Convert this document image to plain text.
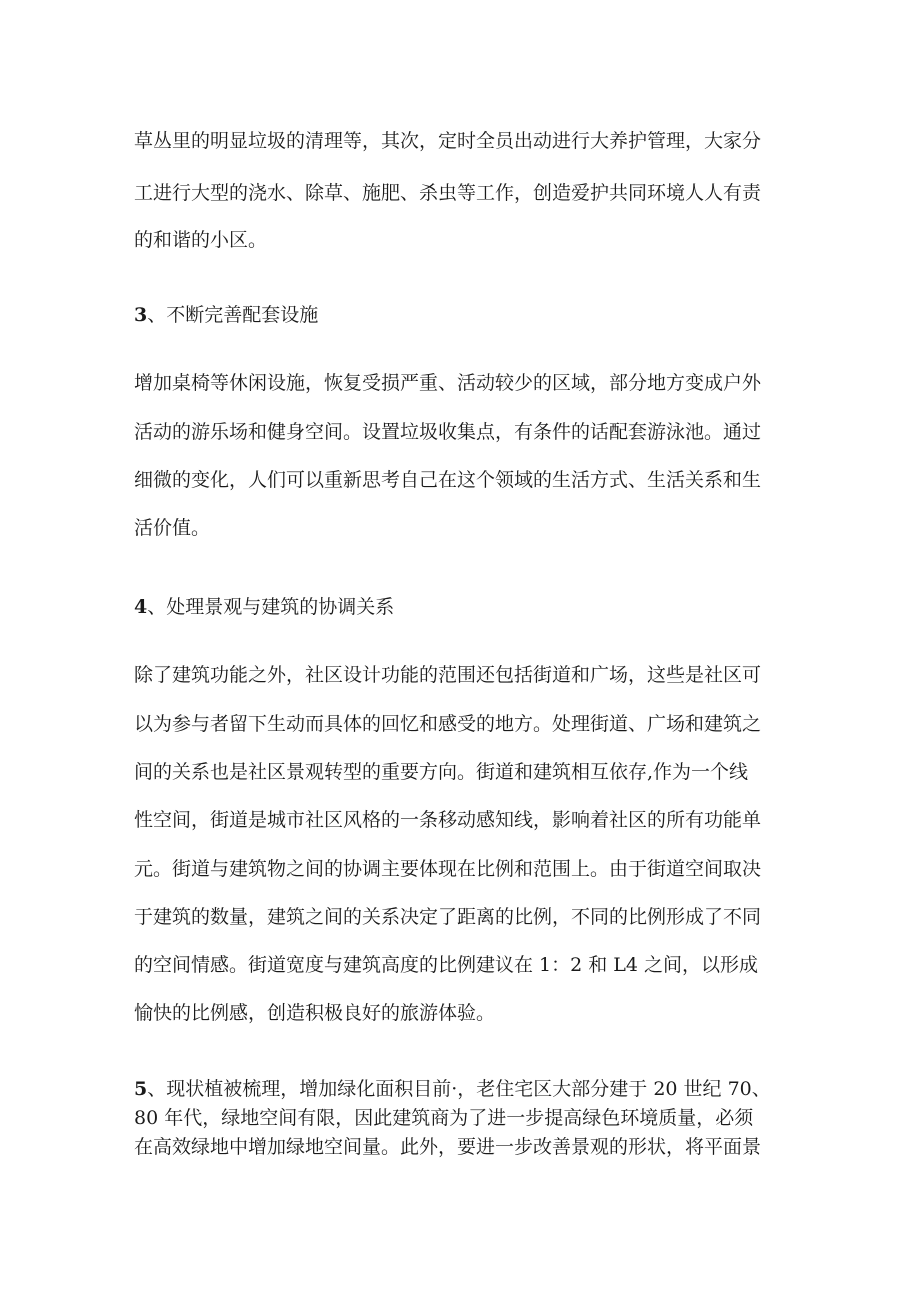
草丛里的明显垃圾的清理等，其次，定时全员出动进行大养护管理，大家分
工进行大型的浇水、除草、施肥、杀虫等工作，创造爱护共同环境人人有责
的和谐的小区。
3、不断完善配套设施
增加桌椅等休闲设施，恢复受损严重、活动较少的区域，部分地方变成户外
活动的游乐场和健身空间。设置垃圾收集点，有条件的话配套游泳池。通过
细微的变化，人们可以重新思考自己在这个领域的生活方式、生活关系和生
活价值。
4、处理景观与建筑的协调关系
除了建筑功能之外，社区设计功能的范围还包括街道和广场，这些是社区可
以为参与者留下生动而具体的回忆和感受的地方。处理街道、广场和建筑之
间的关系也是社区景观转型的重要方向。街道和建筑相互依存,作为一个线
性空间，街道是城市社区风格的一条移动感知线，影响着社区的所有功能单
元。街道与建筑物之间的协调主要体现在比例和范围上。由于街道空间取决
于建筑的数量，建筑之间的关系决定了距离的比例，不同的比例形成了不同
的空间情感。街道宽度与建筑高度的比例建议在 1：2 和 L4 之间，以形成
愉快的比例感，创造积极良好的旅游体验。
5、现状植被梳理，增加绿化面积目前·，老住宅区大部分建于 20 世纪 70、
80 年代，绿地空间有限，因此建筑商为了进一步提高绿色环境质量，必须
在高效绿地中增加绿地空间量。此外，要进一步改善景观的形状，将平面景
